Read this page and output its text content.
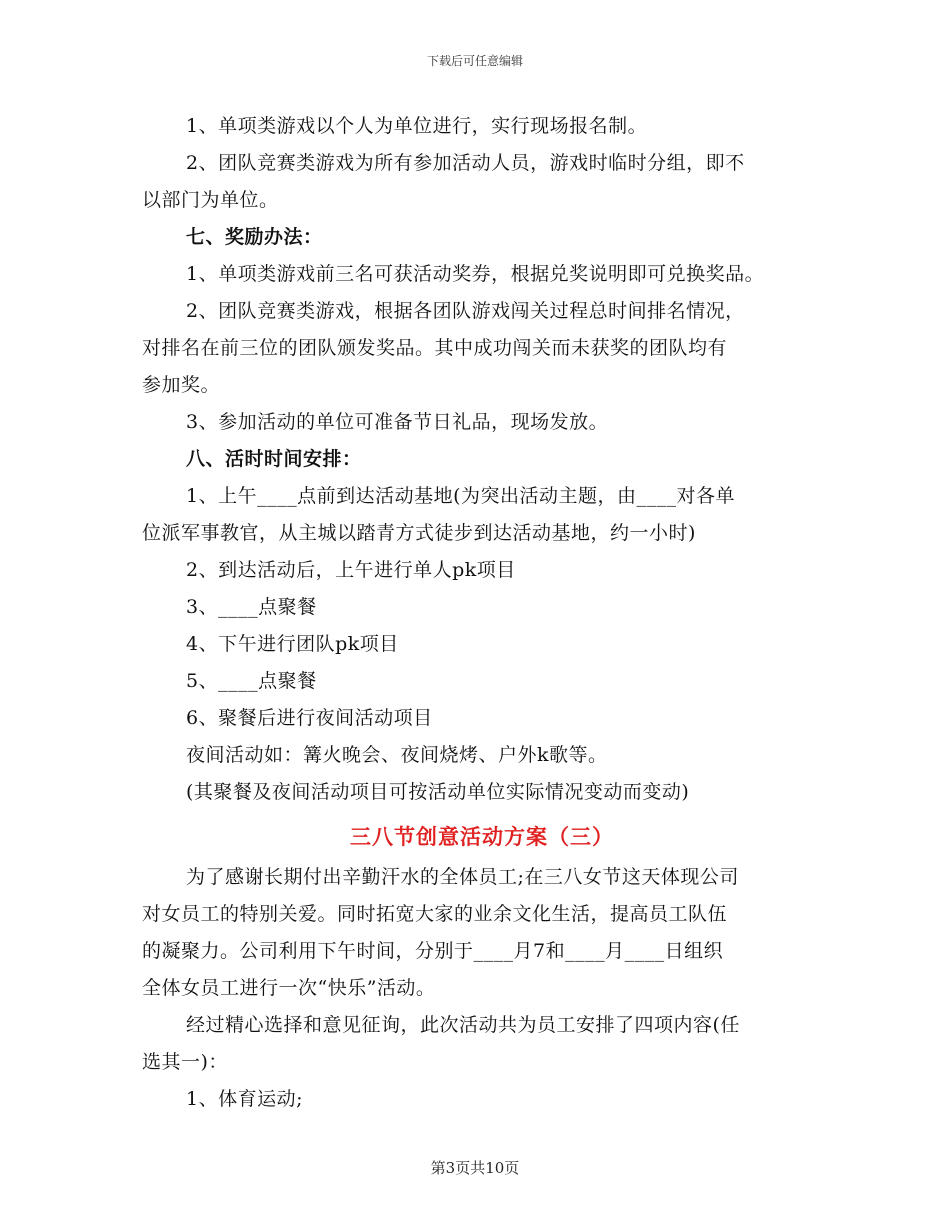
下载后可任意编辑
1、单项类游戏以个人为单位进行，实行现场报名制。
2、团队竞赛类游戏为所有参加活动人员，游戏时临时分组，即不
以部门为单位。
七、奖励办法：
1、单项类游戏前三名可获活动奖券，根据兑奖说明即可兑换奖品。
2、团队竞赛类游戏，根据各团队游戏闯关过程总时间排名情况，
对排名在前三位的团队颁发奖品。其中成功闯关而未获奖的团队均有
参加奖。
3、参加活动的单位可准备节日礼品，现场发放。
八、活时时间安排：
1、上午____点前到达活动基地(为突出活动主题，由____对各单
位派军事教官，从主城以踏青方式徒步到达活动基地，约一小时)
2、到达活动后，上午进行单人pk项目
3、____点聚餐
4、下午进行团队pk项目
5、____点聚餐
6、聚餐后进行夜间活动项目
夜间活动如：篝火晚会、夜间烧烤、户外k歌等。
(其聚餐及夜间活动项目可按活动单位实际情况变动而变动)
三八节创意活动方案（三）
为了感谢长期付出辛勤汗水的全体员工;在三八女节这天体现公司
对女员工的特别关爱。同时拓宽大家的业余文化生活，提高员工队伍
的凝聚力。公司利用下午时间，分别于____月7和____月____日组织
全体女员工进行一次“快乐”活动。
经过精心选择和意见征询，此次活动共为员工安排了四项内容(任
选其一)：
1、体育运动;
第3页共10页
